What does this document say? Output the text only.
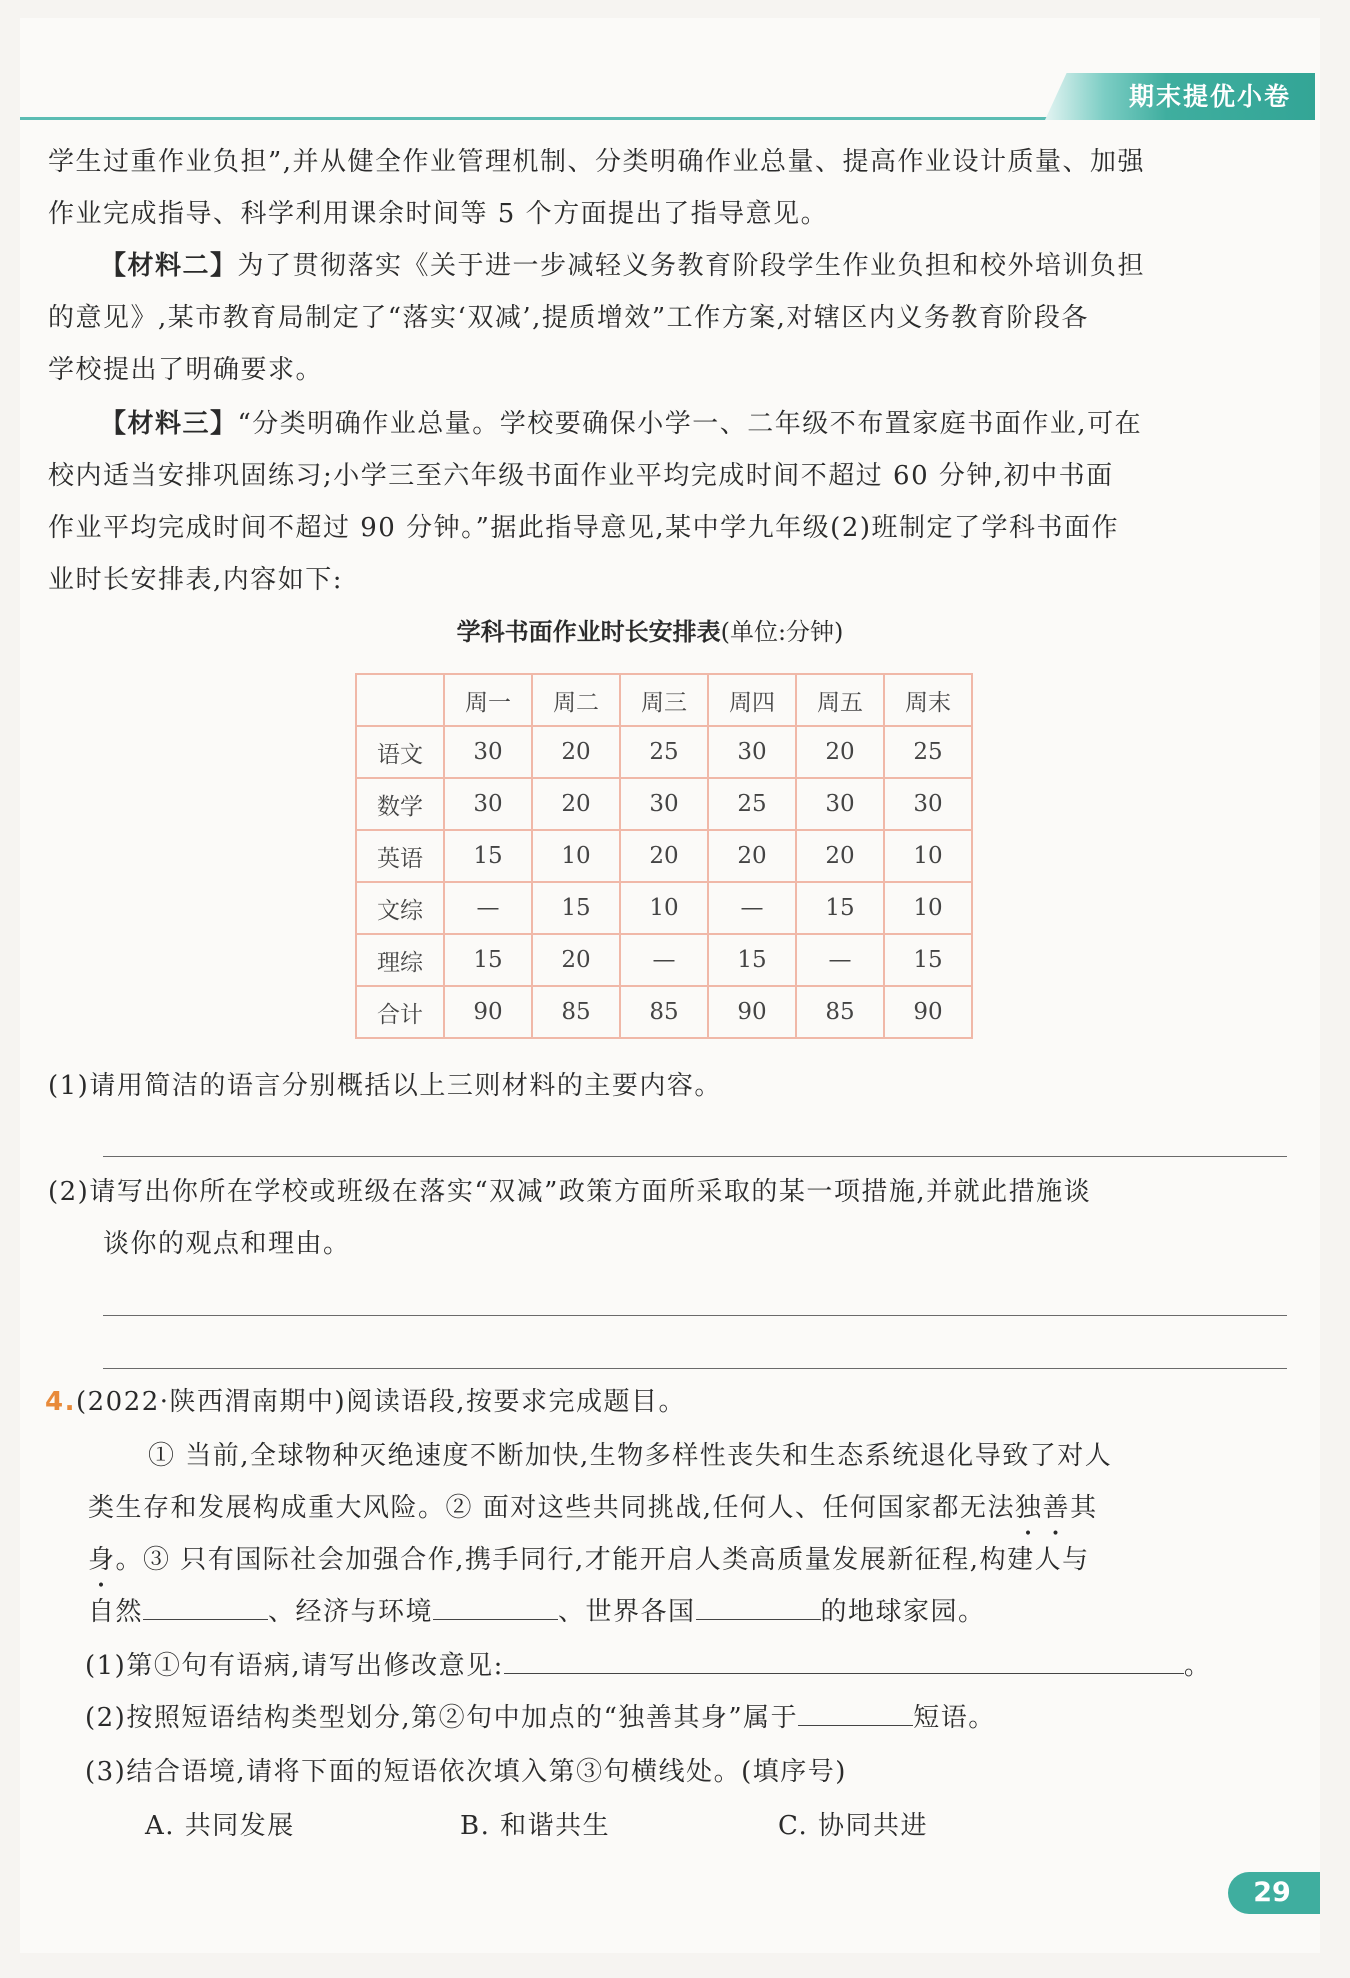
期末提优小卷
学生过重作业负担”,并从健全作业管理机制、分类明确作业总量、提高作业设计质量、加强
作业完成指导、科学利用课余时间等 5 个方面提出了指导意见。
【材料二】为了贯彻落实《关于进一步减轻义务教育阶段学生作业负担和校外培训负担
的意见》,某市教育局制定了“落实‘双减’,提质增效”工作方案,对辖区内义务教育阶段各
学校提出了明确要求。
【材料三】“分类明确作业总量。学校要确保小学一、二年级不布置家庭书面作业,可在
校内适当安排巩固练习;小学三至六年级书面作业平均完成时间不超过 60 分钟,初中书面
作业平均完成时间不超过 90 分钟。”据此指导意见,某中学九年级(2)班制定了学科书面作
业时长安排表,内容如下:
学科书面作业时长安排表(单位:分钟)
	周一	周二	周三	周四	周五	周末
语文	30	20	25	30	20	25
数学	30	20	30	25	30	30
英语	15	10	20	20	20	10
文综	—	15	10	—	15	10
理综	15	20	—	15	—	15
合计	90	85	85	90	85	90
(1)请用简洁的语言分别概括以上三则材料的主要内容。
(2)请写出你所在学校或班级在落实“双减”政策方面所采取的某一项措施,并就此措施谈
谈你的观点和理由。
4.(2022·陕西渭南期中)阅读语段,按要求完成题目。
① 当前,全球物种灭绝速度不断加快,生物多样性丧失和生态系统退化导致了对人
类生存和发展构成重大风险。② 面对这些共同挑战,任何人、任何国家都无法独善其
身。③ 只有国际社会加强合作,携手同行,才能开启人类高质量发展新征程,构建人与
自然	、经济与环境	、世界各国	的地球家园。
(1)第①句有语病,请写出修改意见:	。
(2)按照短语结构类型划分,第②句中加点的“独善其身”属于	短语。
(3)结合语境,请将下面的短语依次填入第③句横线处。(填序号)
A. 共同发展	B. 和谐共生	C. 协同共进
29
